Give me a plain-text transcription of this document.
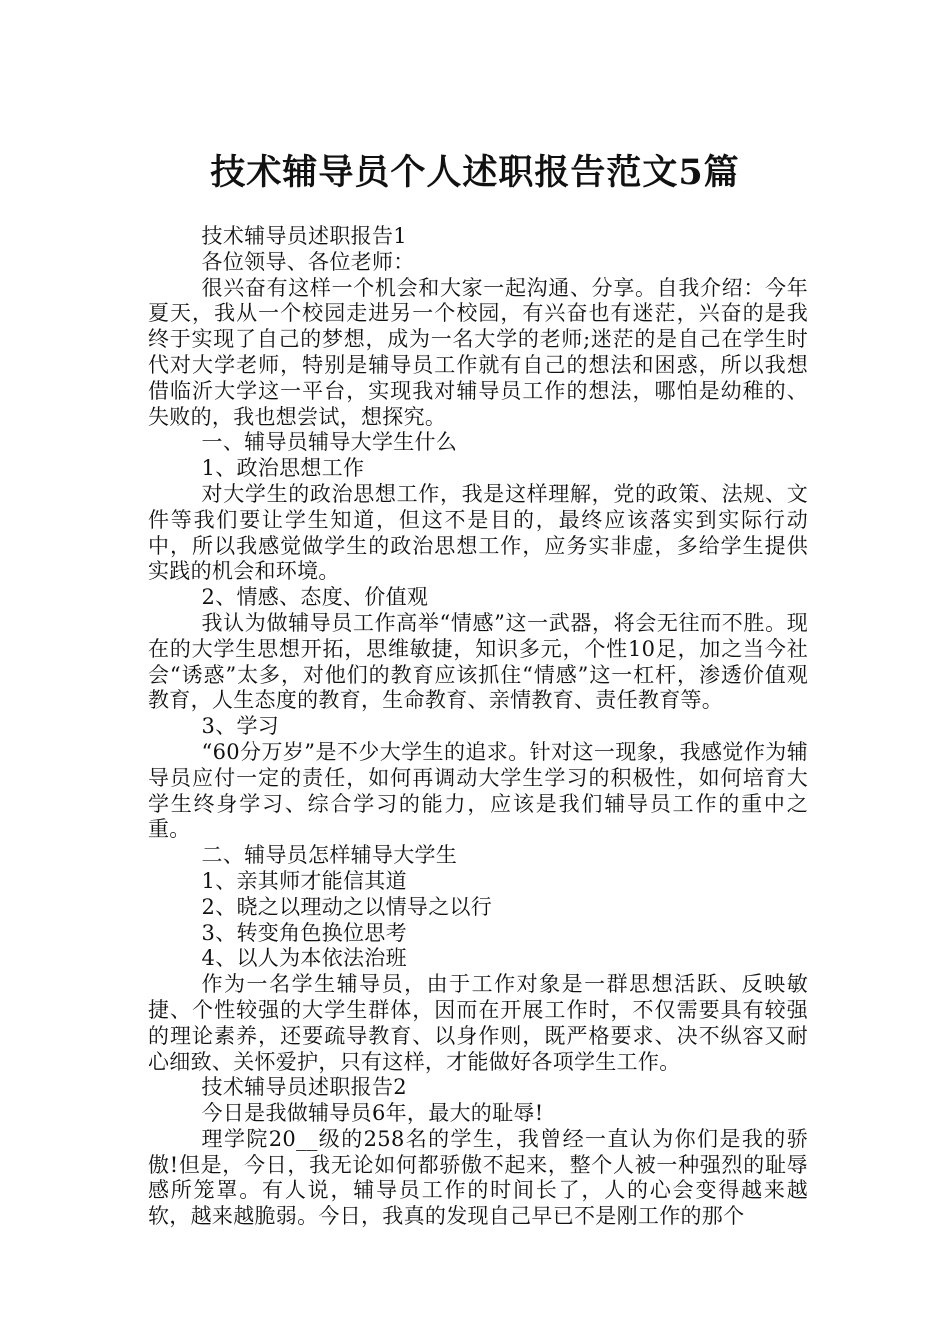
技术辅导员个人述职报告范文5篇

技术辅导员述职报告1

各位领导、各位老师：

很兴奋有这样一个机会和大家一起沟通、分享。自我介绍：今年夏天，我从一个校园走进另一个校园，有兴奋也有迷茫，兴奋的是我终于实现了自己的梦想，成为一名大学的老师;迷茫的是自己在学生时代对大学老师，特别是辅导员工作就有自己的想法和困惑，所以我想借临沂大学这一平台，实现我对辅导员工作的想法，哪怕是幼稚的、失败的，我也想尝试，想探究。

一、辅导员辅导大学生什么

1、政治思想工作

对大学生的政治思想工作，我是这样理解，党的政策、法规、文件等我们要让学生知道，但这不是目的，最终应该落实到实际行动中，所以我感觉做学生的政治思想工作，应务实非虚，多给学生提供实践的机会和环境。

2、情感、态度、价值观

我认为做辅导员工作高举“情感”这一武器，将会无往而不胜。现在的大学生思想开拓，思维敏捷，知识多元，个性10足，加之当今社会“诱惑”太多，对他们的教育应该抓住“情感”这一杠杆，渗透价值观教育，人生态度的教育，生命教育、亲情教育、责任教育等。

3、学习

“60分万岁”是不少大学生的追求。针对这一现象，我感觉作为辅导员应付一定的责任，如何再调动大学生学习的积极性，如何培育大学生终身学习、综合学习的能力，应该是我们辅导员工作的重中之重。

二、辅导员怎样辅导大学生

1、亲其师才能信其道

2、晓之以理动之以情导之以行

3、转变角色换位思考

4、以人为本依法治班

作为一名学生辅导员，由于工作对象是一群思想活跃、反映敏捷、个性较强的大学生群体，因而在开展工作时，不仅需要具有较强的理论素养，还要疏导教育、以身作则，既严格要求、决不纵容又耐心细致、关怀爱护，只有这样，才能做好各项学生工作。

技术辅导员述职报告2

今日是我做辅导员6年，最大的耻辱!

理学院20__级的258名的学生，我曾经一直认为你们是我的骄傲!但是，今日，我无论如何都骄傲不起来，整个人被一种强烈的耻辱感所笼罩。有人说，辅导员工作的时间长了，人的心会变得越来越软，越来越脆弱。今日，我真的发现自己早已不是刚工作的那个
